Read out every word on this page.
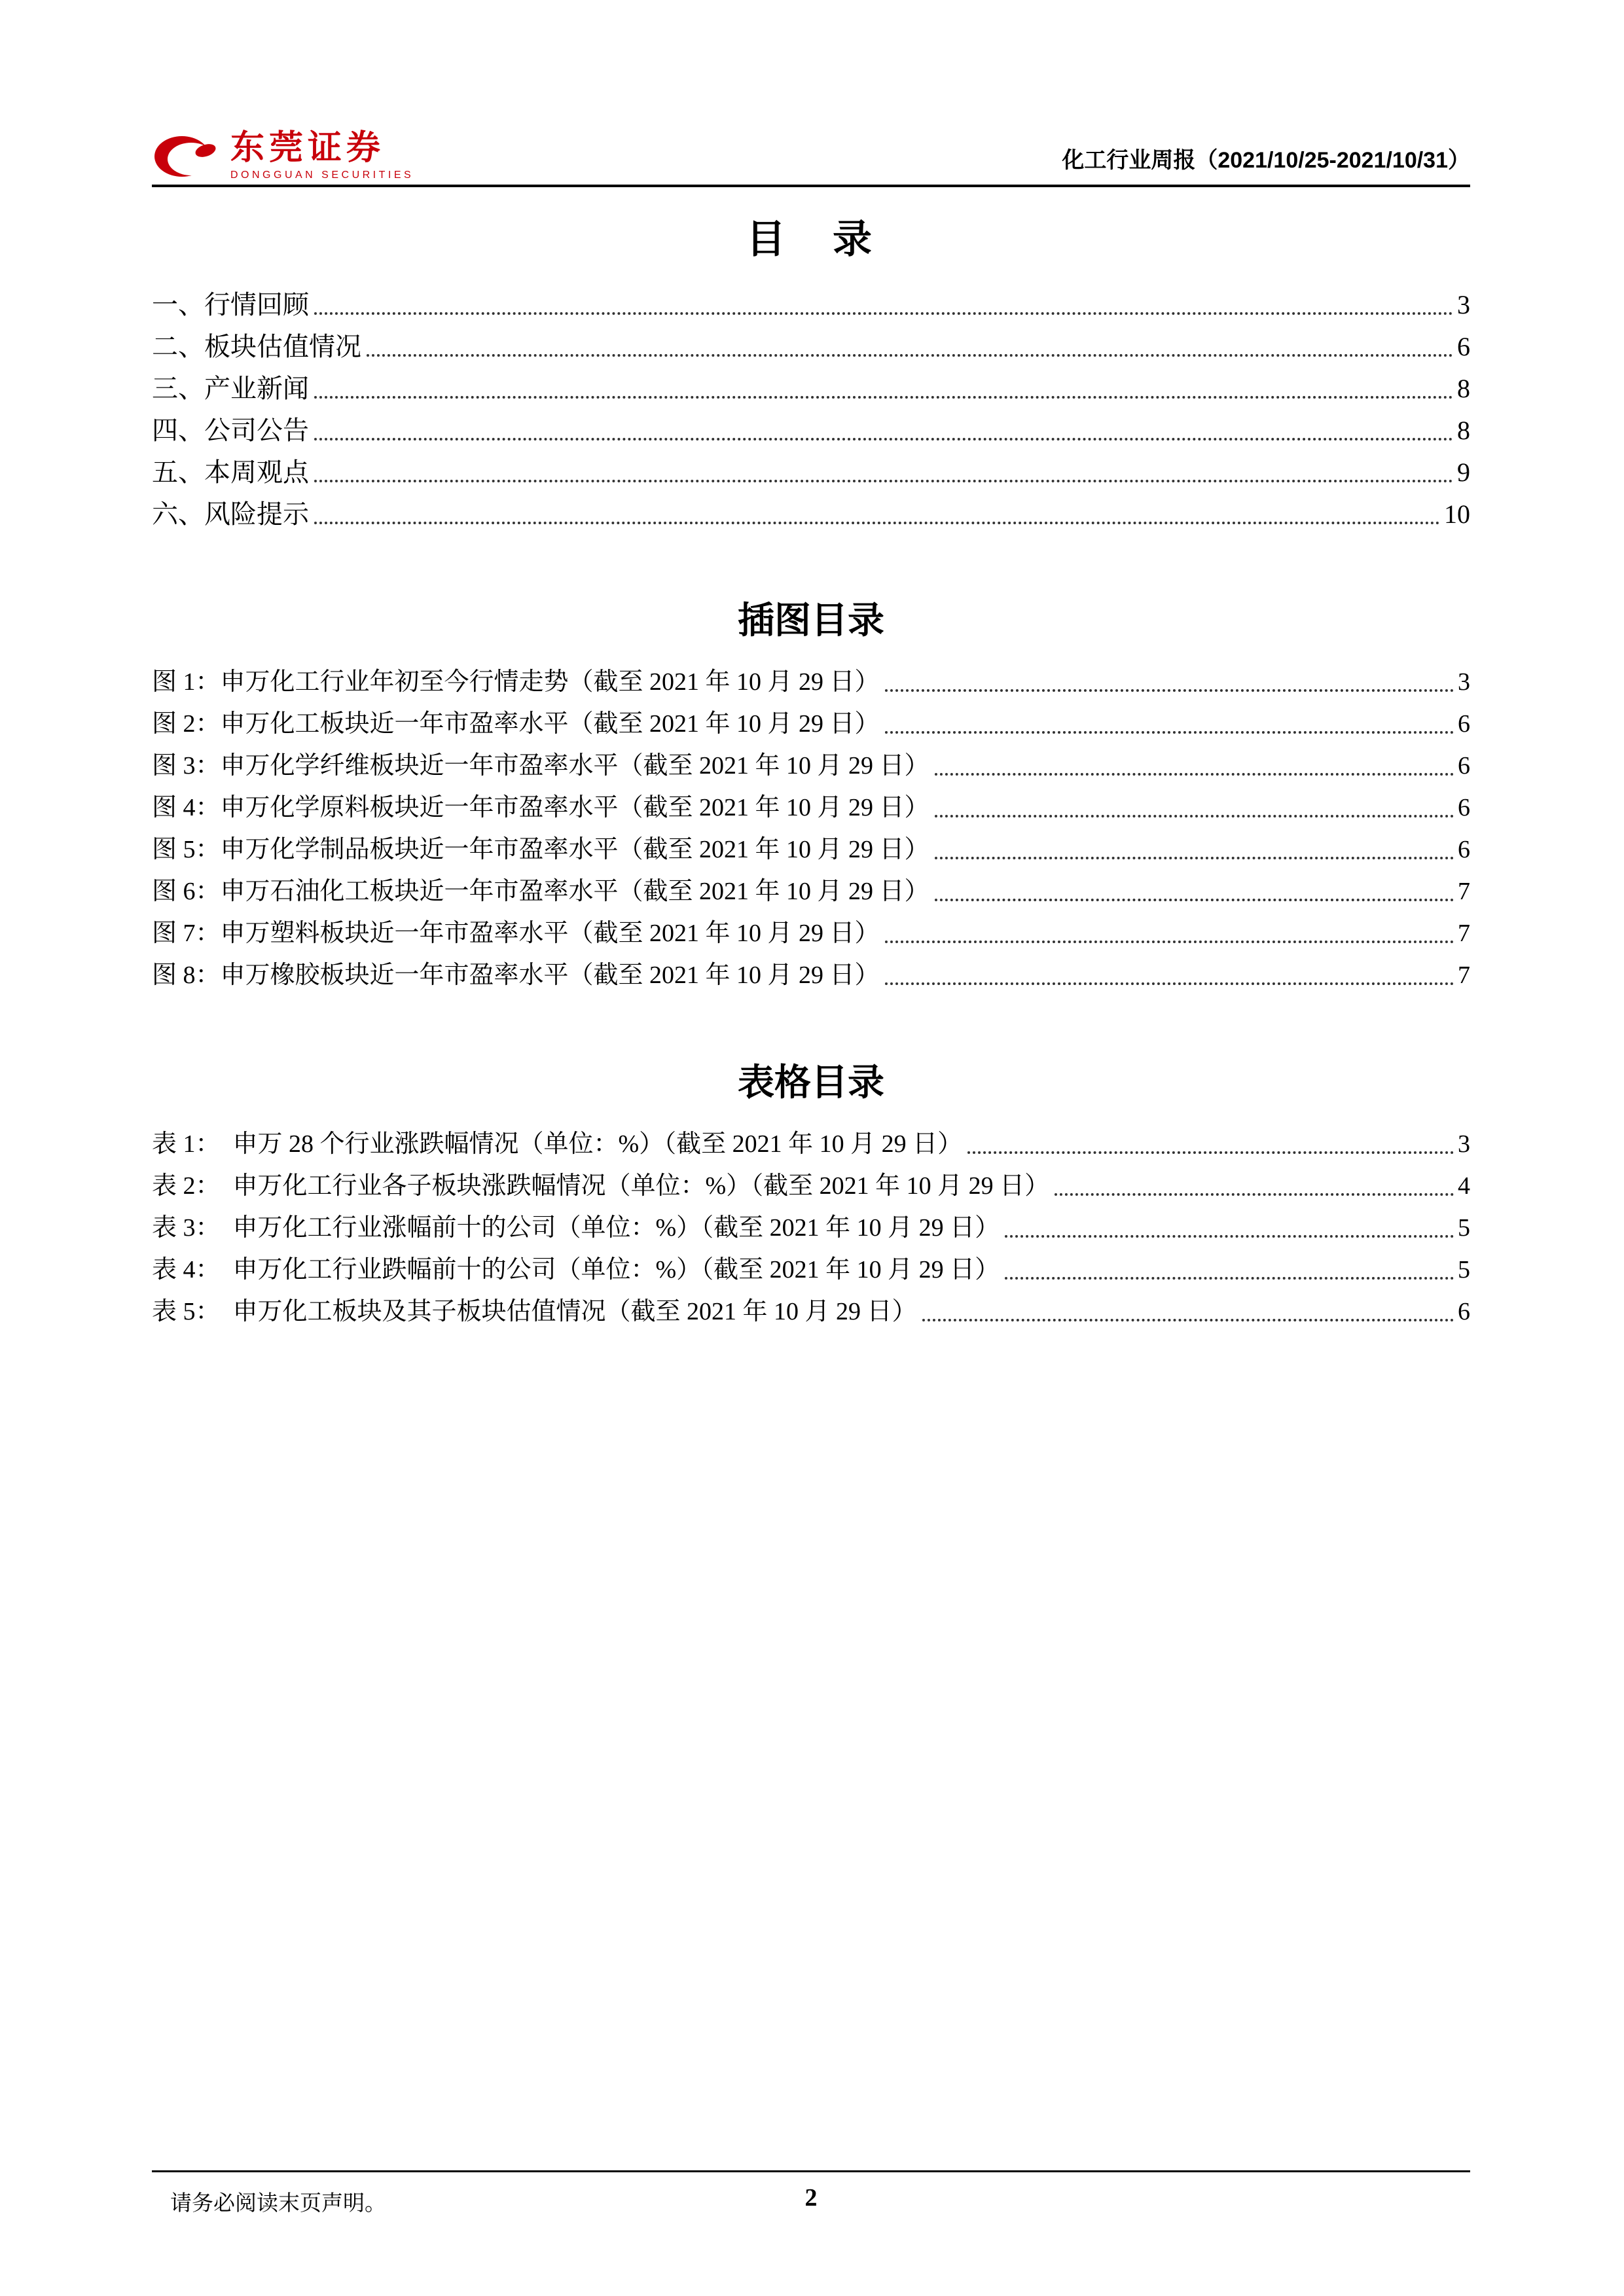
东莞证券
DONGGUAN SECURITIES
化工行业周报（2021/10/25-2021/10/31）
目　录
一、行情回顾	3
二、板块估值情况	6
三、产业新闻	8
四、公司公告	8
五、本周观点	9
六、风险提示	10
插图目录
图 1：申万化工行业年初至今行情走势（截至 2021 年 10 月 29 日）	3
图 2：申万化工板块近一年市盈率水平（截至 2021 年 10 月 29 日）	6
图 3：申万化学纤维板块近一年市盈率水平（截至 2021 年 10 月 29 日）	6
图 4：申万化学原料板块近一年市盈率水平（截至 2021 年 10 月 29 日）	6
图 5：申万化学制品板块近一年市盈率水平（截至 2021 年 10 月 29 日）	6
图 6：申万石油化工板块近一年市盈率水平（截至 2021 年 10 月 29 日）	7
图 7：申万塑料板块近一年市盈率水平（截至 2021 年 10 月 29 日）	7
图 8：申万橡胶板块近一年市盈率水平（截至 2021 年 10 月 29 日）	7
表格目录
表 1：　申万 28 个行业涨跌幅情况（单位：%）（截至 2021 年 10 月 29 日）	3
表 2：　申万化工行业各子板块涨跌幅情况（单位：%）（截至 2021 年 10 月 29 日）	4
表 3：　申万化工行业涨幅前十的公司（单位：%）（截至 2021 年 10 月 29 日）	5
表 4：　申万化工行业跌幅前十的公司（单位：%）（截至 2021 年 10 月 29 日）	5
表 5：　申万化工板块及其子板块估值情况（截至 2021 年 10 月 29 日）	6
请务必阅读末页声明。	2
